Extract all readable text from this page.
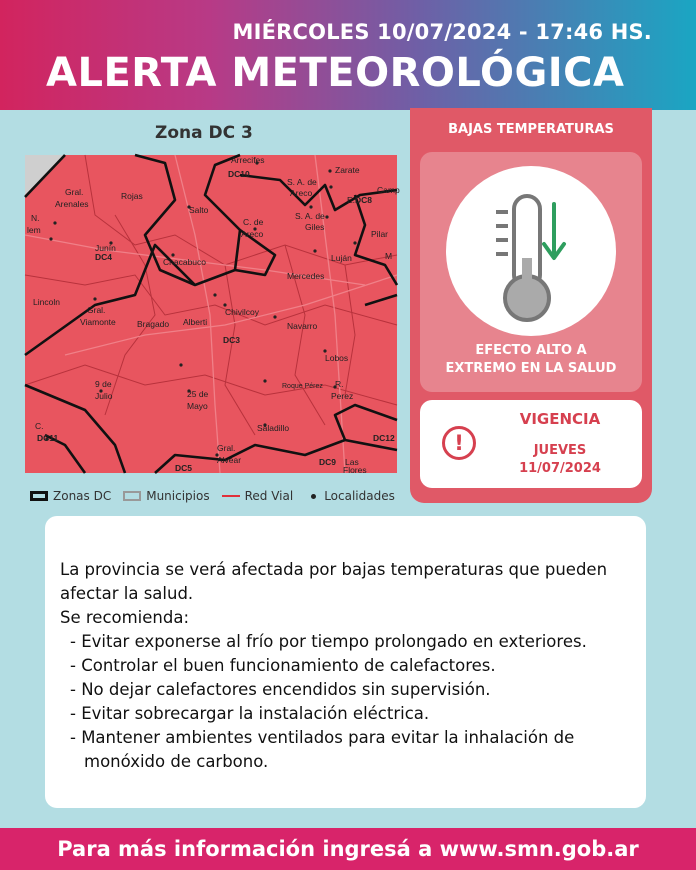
MIÉRCOLES 10/07/2024 - 17:46 HS.
ALERTA METEOROLÓGICA
Zona DC 3
Arrecifes
Zarate
DC10
S. A. de
Areco	Camp
Gral.
Arenales
Rojas	E. DC8
Salto
S. A. de
Giles
N.
lem
C. de
Areco	Pilar
Junín
DC4	Chacabuco	Luján	M
Lincoln
Chivilcoy
Mercedes
Gral.
Viamonte Bragado Alberti	Navarro
DC3
Lobos
9 de
Julio	25 de
Mayo
Roque Pérez R.
Perez
C.
DC11
Saladillo
DC12
Gral.
Alvear
DC5
DC9 Las
Flores
Zonas DC	Municipios	Red Vial	Localidades
BAJAS TEMPERATURAS
EFECTO ALTO A
EXTREMO EN LA SALUD
!
VIGENCIA
JUEVES
11/07/2024

La provincia se verá afectada por bajas temperaturas que pueden afectar la salud.

Se recomienda:

- Evitar exponerse al frío por tiempo prolongado en exteriores.
- Controlar el buen funcionamiento de calefactores.
- No dejar calefactores encendidos sin supervisión.
- Evitar sobrecargar la instalación eléctrica.
- Mantener ambientes ventilados para evitar la inhalación de monóxido de carbono.
Para más información ingresá a www.smn.gob.ar
